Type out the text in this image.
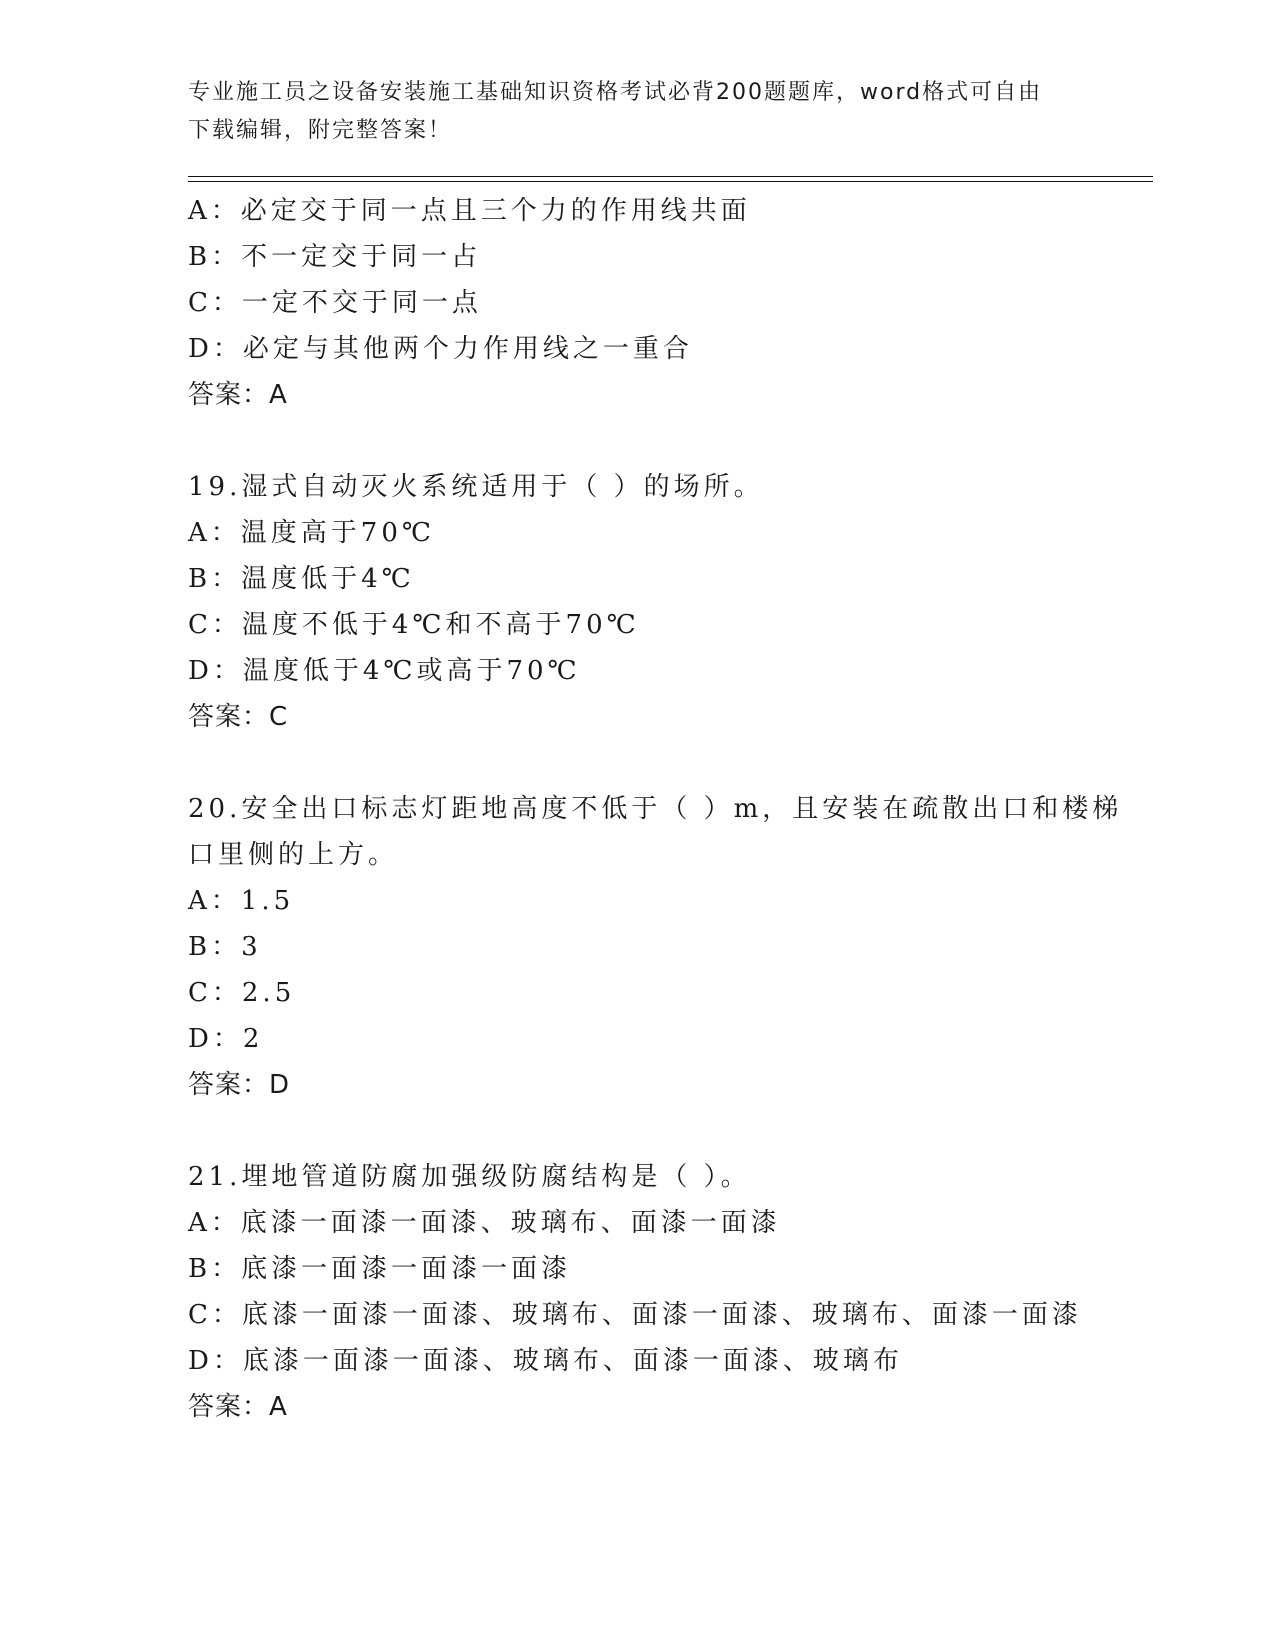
专业施工员之设备安装施工基础知识资格考试必背200题题库，word格式可自由

下载编辑，附完整答案！

A：必定交于同一点且三个力的作用线共面
B：不一定交于同一占
C：一定不交于同一点
D：必定与其他两个力作用线之一重合
答案：A
19.湿式自动灭火系统适用于（ ）的场所。
A：温度高于70℃
B：温度低于4℃
C：温度不低于4℃和不高于70℃
D：温度低于4℃或高于70℃
答案：C
20.安全出口标志灯距地高度不低于（ ）m，且安装在疏散出口和楼梯
口里侧的上方。
A：1.5
B：3
C：2.5
D：2
答案：D
21.埋地管道防腐加强级防腐结构是（ ）。
A：底漆一面漆一面漆、玻璃布、面漆一面漆
B：底漆一面漆一面漆一面漆
C：底漆一面漆一面漆、玻璃布、面漆一面漆、玻璃布、面漆一面漆
D：底漆一面漆一面漆、玻璃布、面漆一面漆、玻璃布
答案：A
